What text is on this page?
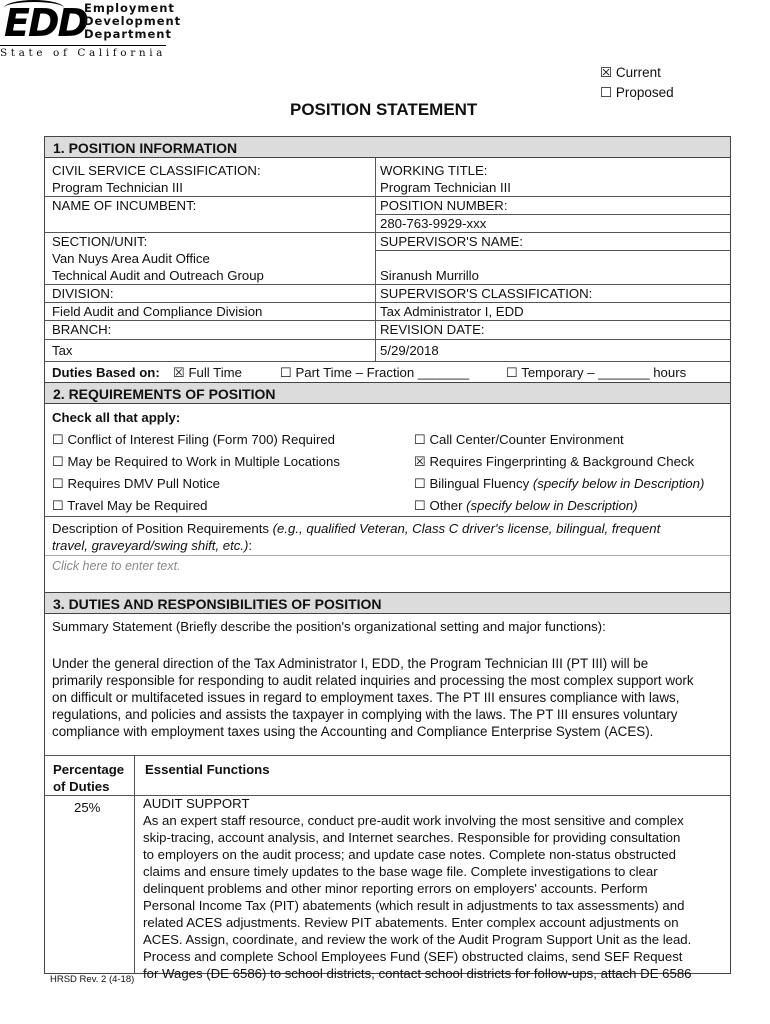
EDD
Employment
Development
Department
State of California
☒ Current
☐ Proposed
POSITION STATEMENT
1. POSITION INFORMATION
CIVIL SERVICE CLASSIFICATION:
Program Technician III
WORKING TITLE:
Program Technician III
NAME OF INCUMBENT:	POSITION NUMBER:
280-763-9929-xxx
SECTION/UNIT:
Van Nuys Area Audit Office
Technical Audit and Outreach Group
SUPERVISOR'S NAME:
Siranush Murrillo
DIVISION:
Field Audit and Compliance Division
SUPERVISOR'S CLASSIFICATION:
Tax Administrator I, EDD
BRANCH:
Tax
REVISION DATE:
5/29/2018
Duties Based on: ☒ Full Time	☐ Part Time – Fraction _______	☐ Temporary – _______ hours
2. REQUIREMENTS OF POSITION
Check all that apply:
☐ Conflict of Interest Filing (Form 700) Required
☐ May be Required to Work in Multiple Locations
☐ Requires DMV Pull Notice
☐ Travel May be Required
☐ Call Center/Counter Environment
☒ Requires Fingerprinting & Background Check
☐ Bilingual Fluency (specify below in Description)
☐ Other (specify below in Description)
Description of Position Requirements (e.g., qualified Veteran, Class C driver's license, bilingual, frequent
travel, graveyard/swing shift, etc.):
Click here to enter text.
3. DUTIES AND RESPONSIBILITIES OF POSITION
Summary Statement (Briefly describe the position's organizational setting and major functions):
Under the general direction of the Tax Administrator I, EDD, the Program Technician III (PT III) will be
primarily responsible for responding to audit related inquiries and processing the most complex support work
on difficult or multifaceted issues in regard to employment taxes. The PT III ensures compliance with laws,
regulations, and policies and assists the taxpayer in complying with the laws. The PT III ensures voluntary
compliance with employment taxes using the Accounting and Compliance Enterprise System (ACES).
Percentage
of Duties
Essential Functions
25%	AUDIT SUPPORT
As an expert staff resource, conduct pre-audit work involving the most sensitive and complex
skip-tracing, account analysis, and Internet searches. Responsible for providing consultation
to employers on the audit process; and update case notes. Complete non-status obstructed
claims and ensure timely updates to the base wage file. Complete investigations to clear
delinquent problems and other minor reporting errors on employers' accounts. Perform
Personal Income Tax (PIT) abatements (which result in adjustments to tax assessments) and
related ACES adjustments. Review PIT abatements. Enter complex account adjustments on
ACES. Assign, coordinate, and review the work of the Audit Program Support Unit as the lead.
Process and complete School Employees Fund (SEF) obstructed claims, send SEF Request
for Wages (DE 6586) to school districts, contact school districts for follow-ups, attach DE 6586
HRSD Rev. 2 (4-18)
